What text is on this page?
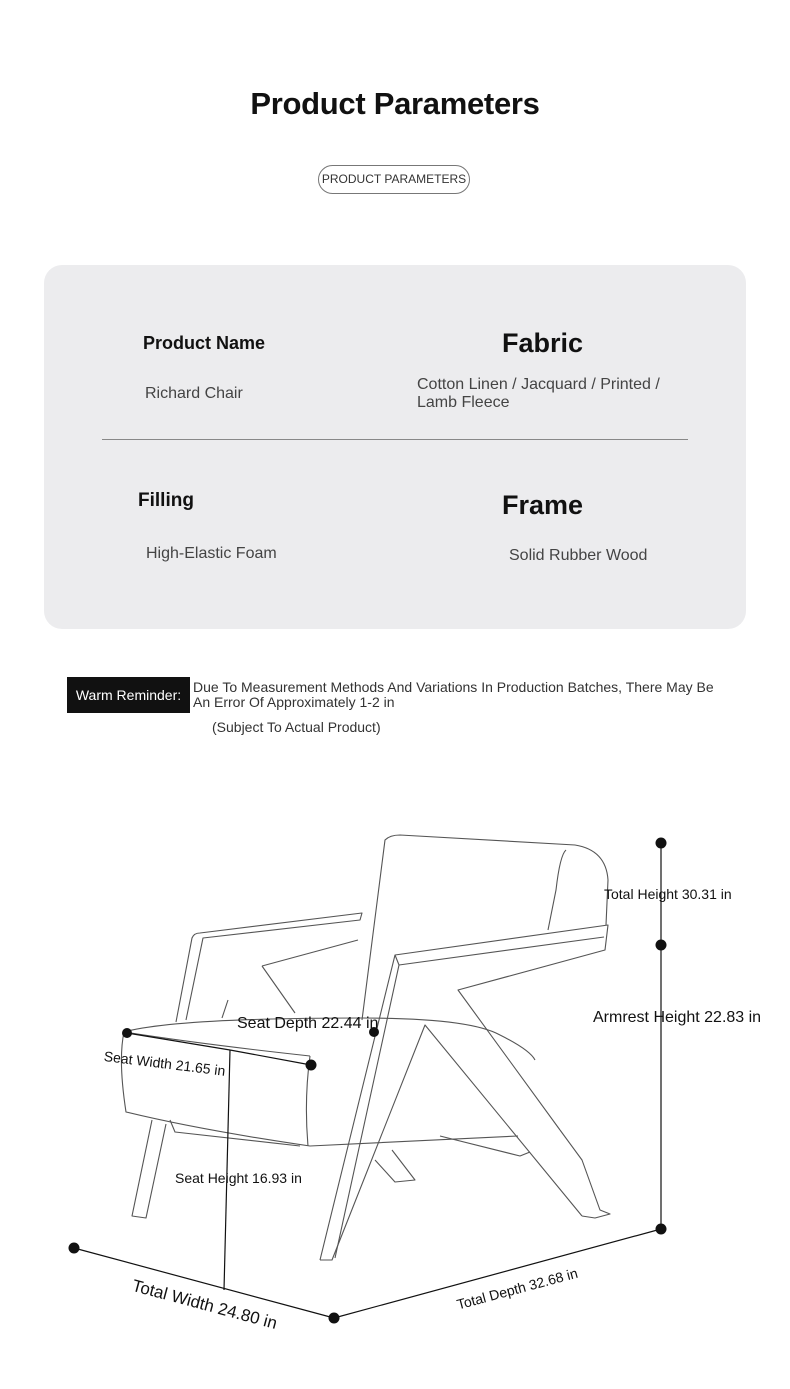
Product Parameters
PRODUCT PARAMETERS
Product Name
Richard Chair
Fabric
Cotton Linen / Jacquard / Printed /
Lamb Fleece
Filling
High-Elastic Foam
Frame
Solid Rubber Wood
Warm Reminder: Due To Measurement Methods And Variations In Production Batches, There May Be
An Error Of Approximately 1-2 in
(Subject To Actual Product)
Total Height 30.31 in
Armrest Height 22.83 in
Seat Depth 22.44 in
Seat Width 21.65 in
Seat Height 16.93 in
Total Width 24.80 in	Total Depth 32.68 in
